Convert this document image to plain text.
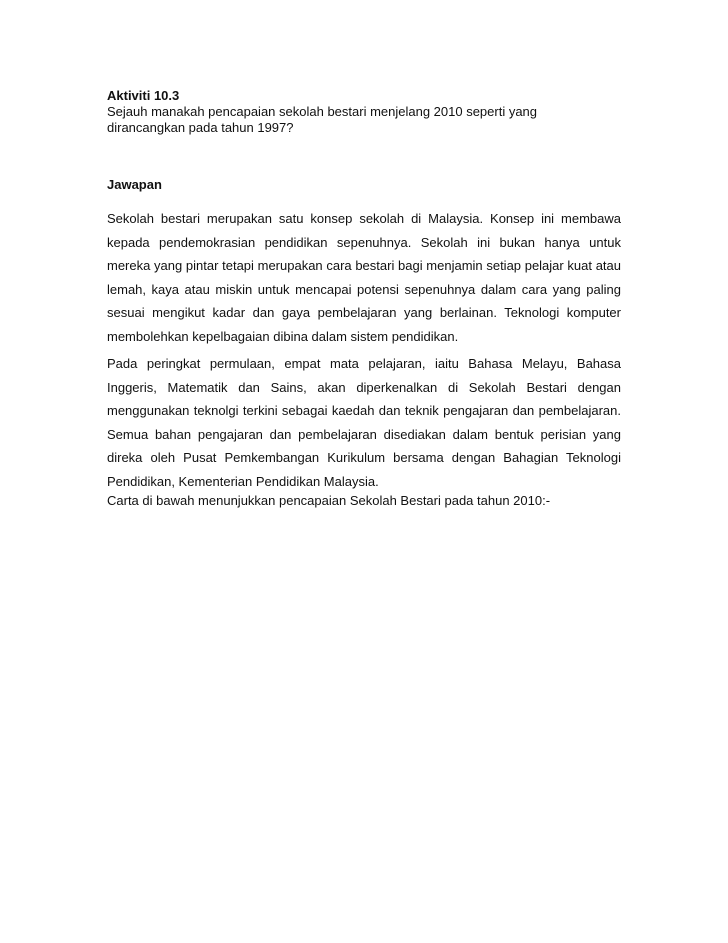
Aktiviti 10.3

Sejauh manakah pencapaian sekolah bestari menjelang 2010 seperti yang dirancangkan pada tahun 1997?

Jawapan

Sekolah bestari merupakan satu konsep sekolah di Malaysia. Konsep ini membawa kepada pendemokrasian pendidikan sepenuhnya. Sekolah ini bukan hanya untuk mereka yang pintar tetapi merupakan cara bestari bagi menjamin setiap pelajar kuat atau lemah, kaya atau miskin untuk mencapai potensi sepenuhnya dalam cara yang paling sesuai mengikut kadar dan gaya pembelajaran yang berlainan. Teknologi komputer membolehkan kepelbagaian dibina dalam sistem pendidikan.

Pada peringkat permulaan, empat mata pelajaran, iaitu Bahasa Melayu, Bahasa Inggeris, Matematik dan Sains, akan diperkenalkan di Sekolah Bestari dengan menggunakan teknolgi terkini sebagai kaedah dan teknik pengajaran dan pembelajaran. Semua bahan pengajaran dan pembelajaran disediakan dalam bentuk perisian yang direka oleh Pusat Pemkembangan Kurikulum bersama dengan Bahagian Teknologi Pendidikan, Kementerian Pendidikan Malaysia.

Carta di bawah menunjukkan pencapaian Sekolah Bestari pada tahun 2010:-
